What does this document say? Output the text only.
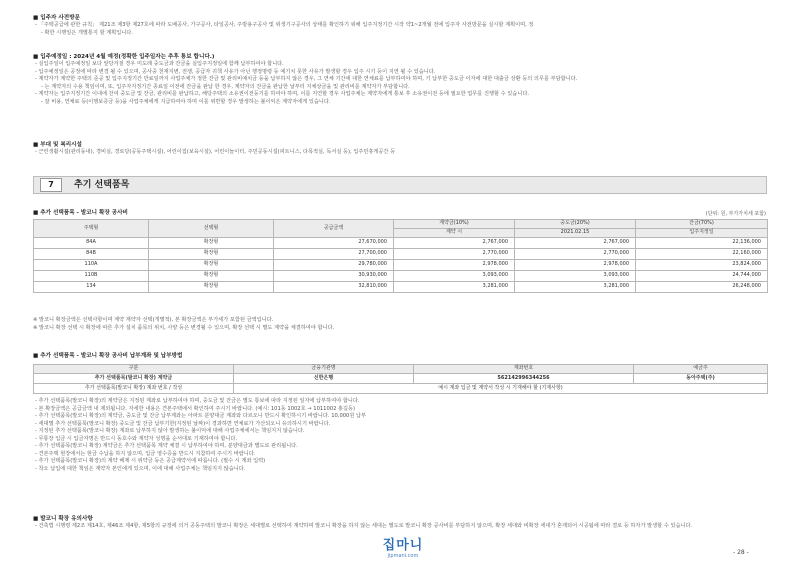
■ 입주자 사전방문
- 「주택공급에 관한 규칙」 제21조 제3항 제27호에 따라 도배공사, 가구공사, 타일공사, 주방용구공사 및 위생기구공사의 상태를 확인하기 위해 입주지정기간 시작 약1~2개월 전에 입주자 사전방문을 실시할 계획이며, 정
- 확한 시행일은 개별통지 할 계획입니다.
■ 입주예정일 : 2024년 4월 예정(정확한 입주일자는 추후 통보 합니다.)
- 실입주일이 입주예정일 보다 앞당겨질 경우 미도래 중도금과 잔금을 실입주지정일에 함께 납부하여야 합니다.
- 입주예정일은 공정에 따라 변경 될 수 있으며, 공사중 천재지변, 전쟁, 공급자 귀책 사유가 아닌 행정명령 등 예기치 못한 사유가 발생할 경우 입주 시기 등이 지연 될 수 있습니다.
- 계약자가 계약한 주택의 준공 및 입주지정기간 만료일까지 사업주체가 정한 잔금 및 관리비예치금 등을 납부하지 않은 경우, 그 연체 기간에 대한 연체료를 납부하여야 하며, 기 납부한 중도금 이자에 대한 대출금 상환 등의 의무를 부담합니다.
- 는 계약자의 수용 책임이며, 또, 입주자지정기간 종료일 이전에 잔금을 완납 한 경우, 계약자의 잔금을 완납한 날부터 지체상금을 및 관리비를 계약자가 부담합니다.
- 계약자는 입주지정기간 이내에 잔여 중도금 및 잔금, 관리비를 완납하고, 해당주택의 소유권이전등기를 하여야 하며, 이를 지연할 경우 사업주체는 계약자에게 통보 후 소유권이전 등에 필요한 업무를 진행할 수 있습니다.
- 잘 비용, 연체료 등(이행보증금 등)을 사업주체에게 지급하여야 하며 이를 위반할 경우 발생하는 불이익은 계약자에게 있습니다.
■ 부대 및 복리시설
- 근린생활시설(관리동내), 경비실, 경로당(공동주택시설), 어린이집(보육시설), 어린이놀이터, 주민공동시설(피트니스, 다목적실, 독서실 등), 입주민휴게공간 등
7	추기 선택품목
■ 추가 선택품목 - 발코니 확장 공사비	(단위: 원, 부가가치세 포함)
주택형	선택형	공급금액	계약금(10%)	중도금(20%)	잔금(70%)
			계약 시	2021.02.15	입주지정일
84A	확장형	27,670,000	2,767,000	2,767,000	22,136,000
84B	확장형	27,700,000	2,770,000	2,770,000	22,160,000
110A	확장형	29,780,000	2,978,000	2,978,000	23,824,000
110B	확장형	30,930,000	3,093,000	3,093,000	24,744,000
134	확장형	32,810,000	3,281,000	3,281,000	26,248,000
※ 발코니 확장금액은 선택사항이며 계약 계약자 선택(개별적), 본 확장금액은 부가세가 포함된 금액입니다.
※ 발코니 확장 선택 시 확장에 따른 추가 설치 품목의 위치, 사양 등은 변경될 수 있으며, 확장 선택 시 별도 계약을 체결하여야 합니다.
■ 추가 선택품목 - 발코니 확장 공사비 납부계좌 및 납부방법
구분	금융기관명	계좌번호	예금주
추가 선택품목(발코니 확장) 계약금	신한은행	562142996344256	동아주택(주)
추가 선택품목(발코니 확장) 계좌 번호 / 작성	예시 계좌 입금 및 계약서 작성 시 기재해야 할 (기재사항)		
- 추가 선택품목(발코니 확장)의 계약금은 지정된 계좌로 납부하여야 하며, 중도금 및 잔금은 별도 통보에 따라 지정된 일자에 납부하여야 합니다.
- 본 확장금액은 공급금액 내 제외됩니다. 자세한 내용은 견본주택에서 확인하여 주시기 바랍니다. (예시: 101동 1002호 → 1011002 홍길동)
- 추가 선택품목(발코니 확장)의 계약금, 중도금 및 잔금 납부계좌는 아파트 분양대금 계좌와 다르오니 반드시 확인하시기 바랍니다. 10,000원 납부
- 세대별 추가 선택품목(발코니 확장) 중도금 및 잔금 납부기한(지정된 날짜)이 경과하면 연체료가 가산되오니 유의하시기 바랍니다.
- 지정된 추가 선택품목(발코니 확장) 계좌로 납부하지 않아 발생하는 불이익에 대해 사업주체에서는 책임지지 않습니다.
- 무통장 입금 시 입금자명은 반드시 동호수와 계약자 성명을 순서대로 기재하여야 합니다.
- 추가 선택품목(발코니 확장) 계약금은 추가 선택품목 계약 체결 시 납부하여야 하며, 분양대금과 별도로 관리됩니다.
- 견본주택 현장에서는 현금 수납을 하지 않으며, 입금 영수증을 반드시 지참하여 주시기 바랍니다.
- 추가 선택품목(발코니 확장)의 계약 해제 시 위약금 등은 공급계약서에 따릅니다. (필수 시 계좌 입력)
- 착오 납입에 대한 책임은 계약자 본인에게 있으며, 이에 대해 사업주체는 책임지지 않습니다.
■ 발코니 확장 유의사항
- 건축법 시행령 제2조 제14호, 제46조 제4항, 제5항의 규정에 의거 공동주택의 발코니 확장은 세대별로 선택하여 계약하며 발코니 확장을 하지 않는 세대는 별도로 발코니 확장 공사비를 부담하지 않으며, 확장 세대와 비확장 세대가 혼재되어 시공됨에 따라 결로 등 하자가 발생할 수 있습니다.
집마니
jipmani.com	- 28 -
